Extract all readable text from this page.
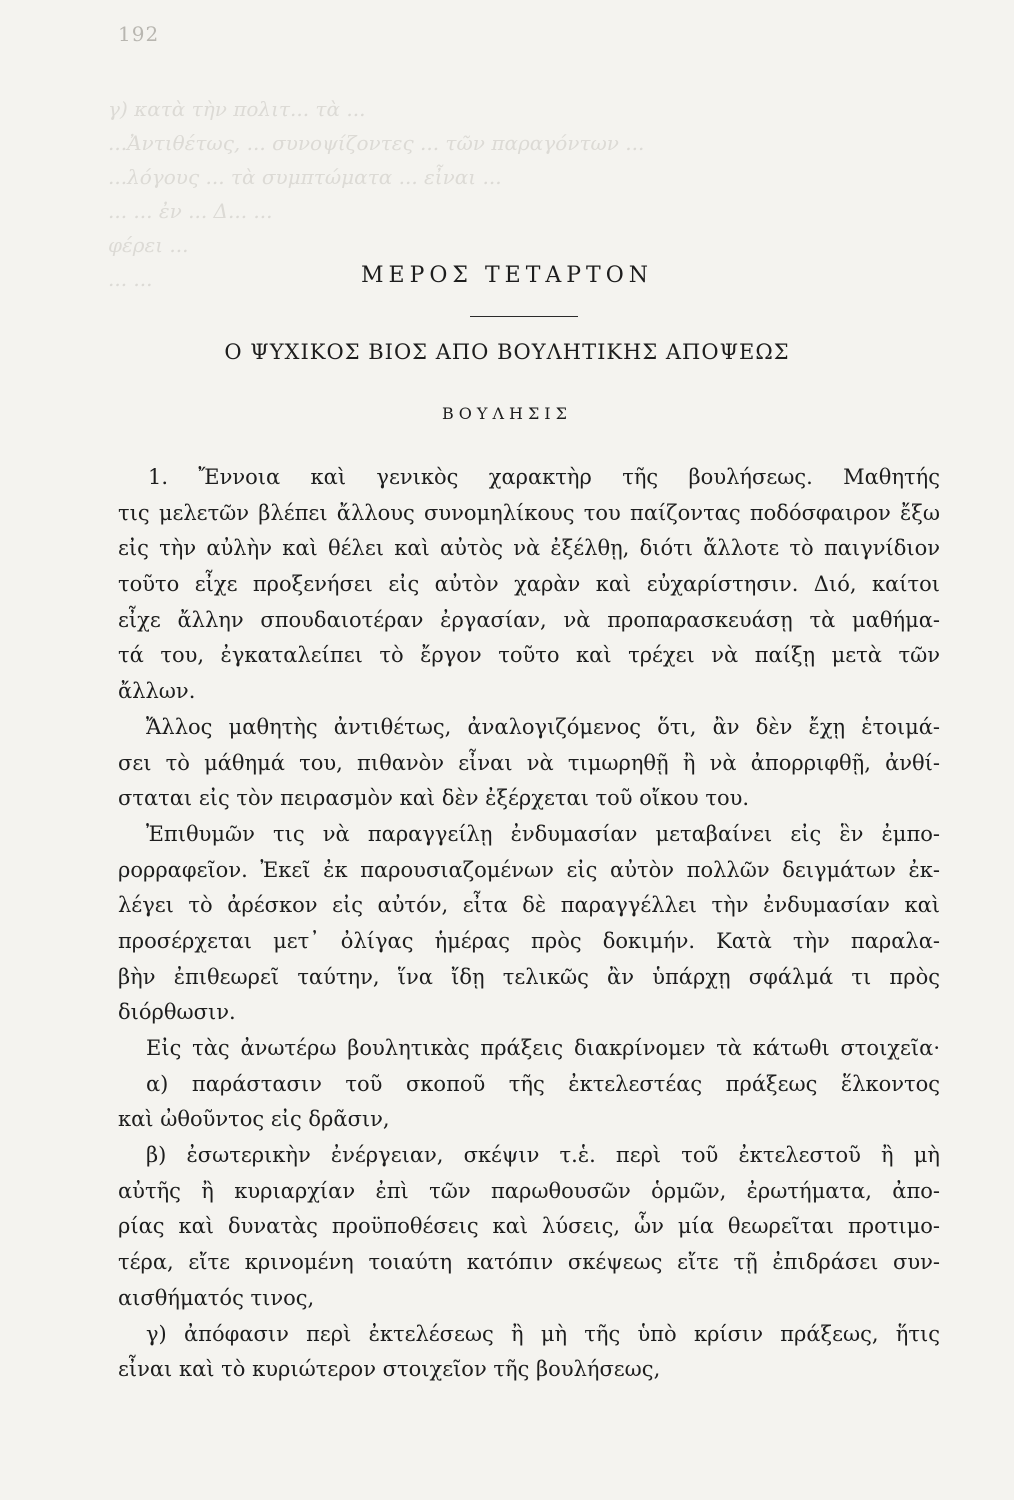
192
γ) κατὰ τὴν πολιτ... τὰ ...
...Ἀντιθέτως, ... συνοψίζοντες ... τῶν παραγόντων ...
...λόγους ... τὰ συμπτώματα ... εἶναι ...
... ... ἐν ... Δ... ...
φέρει ...
... ...	ΜΕΡΟΣ ΤΕΤΑΡΤΟΝ
Ο ΨΥΧΙΚΟΣ ΒΙΟΣ ΑΠΟ ΒΟΥΛΗΤΙΚΗΣ ΑΠΟΨΕΩΣ
ΒΟΥΛΗΣΙΣ
1. Ἔννοια καὶ γενικὸς χαρακτὴρ τῆς βουλήσεως. Μαθητής
τις μελετῶν βλέπει ἄλλους συνομηλίκους του παίζοντας ποδόσφαιρον ἔξω
εἰς τὴν αὐλὴν καὶ θέλει καὶ αὐτὸς νὰ ἐξέλθῃ, διότι ἄλλοτε τὸ παιγνίδιον
τοῦτο εἶχε προξενήσει εἰς αὐτὸν χαρὰν καὶ εὐχαρίστησιν. Διό, καίτοι
εἶχε ἄλλην σπουδαιοτέραν ἐργασίαν, νὰ προπαρασκευάσῃ τὰ μαθήμα-
τά του, ἐγκαταλείπει τὸ ἔργον τοῦτο καὶ τρέχει νὰ παίξῃ μετὰ τῶν
ἄλλων.
Ἄλλος μαθητὴς ἀντιθέτως, ἀναλογιζόμενος ὅτι, ἂν δὲν ἔχῃ ἑτοιμά-
σει τὸ μάθημά του, πιθανὸν εἶναι νὰ τιμωρηθῇ ἢ νὰ ἀπορριφθῇ, ἀνθί-
σταται εἰς τὸν πειρασμὸν καὶ δὲν ἐξέρχεται τοῦ οἴκου του.
Ἐπιθυμῶν τις νὰ παραγγείλῃ ἐνδυμασίαν μεταβαίνει εἰς ἓν ἐμπο-
ρορραφεῖον. Ἐκεῖ ἐκ παρουσιαζομένων εἰς αὐτὸν πολλῶν δειγμάτων ἐκ-
λέγει τὸ ἀρέσκον εἰς αὐτόν, εἶτα δὲ παραγγέλλει τὴν ἐνδυμασίαν καὶ
προσέρχεται μετ᾽ ὀλίγας ἡμέρας πρὸς δοκιμήν. Κατὰ τὴν παραλα-
βὴν ἐπιθεωρεῖ ταύτην, ἵνα ἴδῃ τελικῶς ἂν ὑπάρχῃ σφάλμά τι πρὸς
διόρθωσιν.
Εἰς τὰς ἀνωτέρω βουλητικὰς πράξεις διακρίνομεν τὰ κάτωθι στοιχεῖα·
α) παράστασιν τοῦ σκοποῦ τῆς ἐκτελεστέας πράξεως ἕλκοντος
καὶ ὠθοῦντος εἰς δρᾶσιν,
β) ἐσωτερικὴν ἐνέργειαν, σκέψιν τ.ἑ. περὶ τοῦ ἐκτελεστοῦ ἢ μὴ
αὐτῆς ἢ κυριαρχίαν ἐπὶ τῶν παρωθουσῶν ὁρμῶν, ἐρωτήματα, ἀπο-
ρίας καὶ δυνατὰς προϋποθέσεις καὶ λύσεις, ὧν μία θεωρεῖται προτιμο-
τέρα, εἴτε κρινομένη τοιαύτη κατόπιν σκέψεως εἴτε τῇ ἐπιδράσει συν-
αισθήματός τινος,
γ) ἀπόφασιν περὶ ἐκτελέσεως ἢ μὴ τῆς ὑπὸ κρίσιν πράξεως, ἥτις
εἶναι καὶ τὸ κυριώτερον στοιχεῖον τῆς βουλήσεως,
